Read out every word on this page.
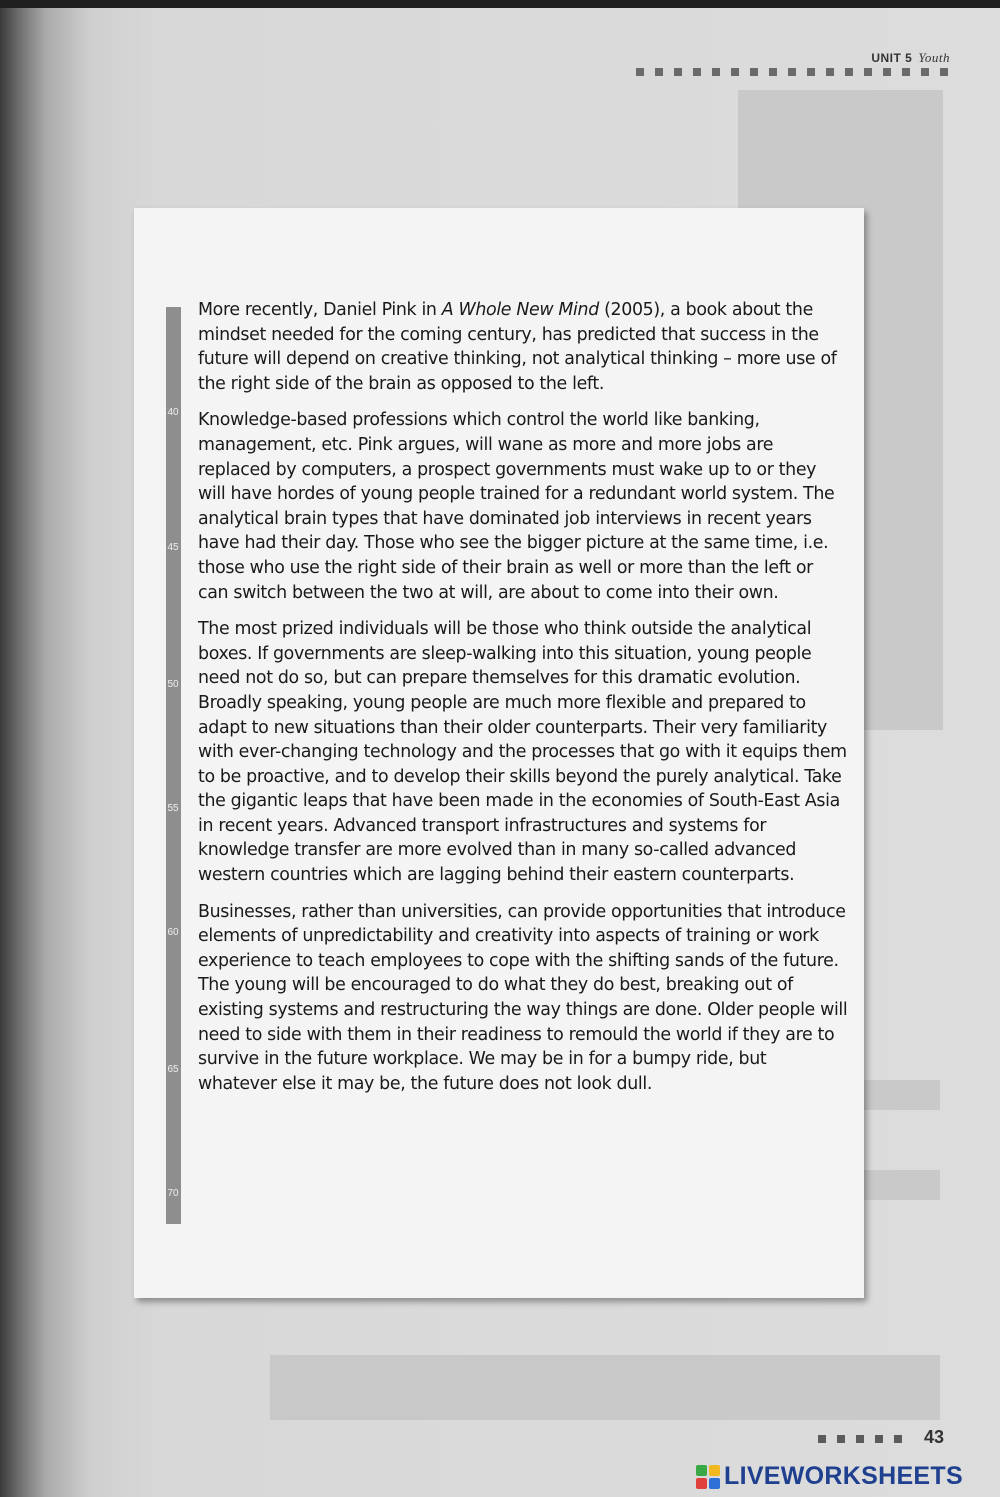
UNIT 5 Youth
40
45
50
55
60
65
70

More recently, Daniel Pink in A Whole New Mind (2005), a book about the mindset needed for the coming century, has predicted that success in the future will depend on creative thinking, not analytical thinking – more use of the right side of the brain as opposed to the left.

Knowledge-based professions which control the world like banking, management, etc. Pink argues, will wane as more and more jobs are replaced by computers, a prospect governments must wake up to or they will have hordes of young people trained for a redundant world system. The analytical brain types that have dominated job interviews in recent years have had their day. Those who see the bigger picture at the same time, i.e. those who use the right side of their brain as well or more than the left or can switch between the two at will, are about to come into their own.

The most prized individuals will be those who think outside the analytical boxes. If governments are sleep-walking into this situation, young people need not do so, but can prepare themselves for this dramatic evolution. Broadly speaking, young people are much more flexible and prepared to adapt to new situations than their older counterparts. Their very familiarity with ever-changing technology and the processes that go with it equips them to be proactive, and to develop their skills beyond the purely analytical. Take the gigantic leaps that have been made in the economies of South-East Asia in recent years. Advanced transport infrastructures and systems for knowledge transfer are more evolved than in many so-called advanced western countries which are lagging behind their eastern counterparts.

Businesses, rather than universities, can provide opportunities that introduce elements of unpredictability and creativity into aspects of training or work experience to teach employees to cope with the shifting sands of the future. The young will be encouraged to do what they do best, breaking out of existing systems and restructuring the way things are done. Older people will need to side with them in their readiness to remould the world if they are to survive in the future workplace. We may be in for a bumpy ride, but whatever else it may be, the future does not look dull.

43
LIVEWORKSHEETS
